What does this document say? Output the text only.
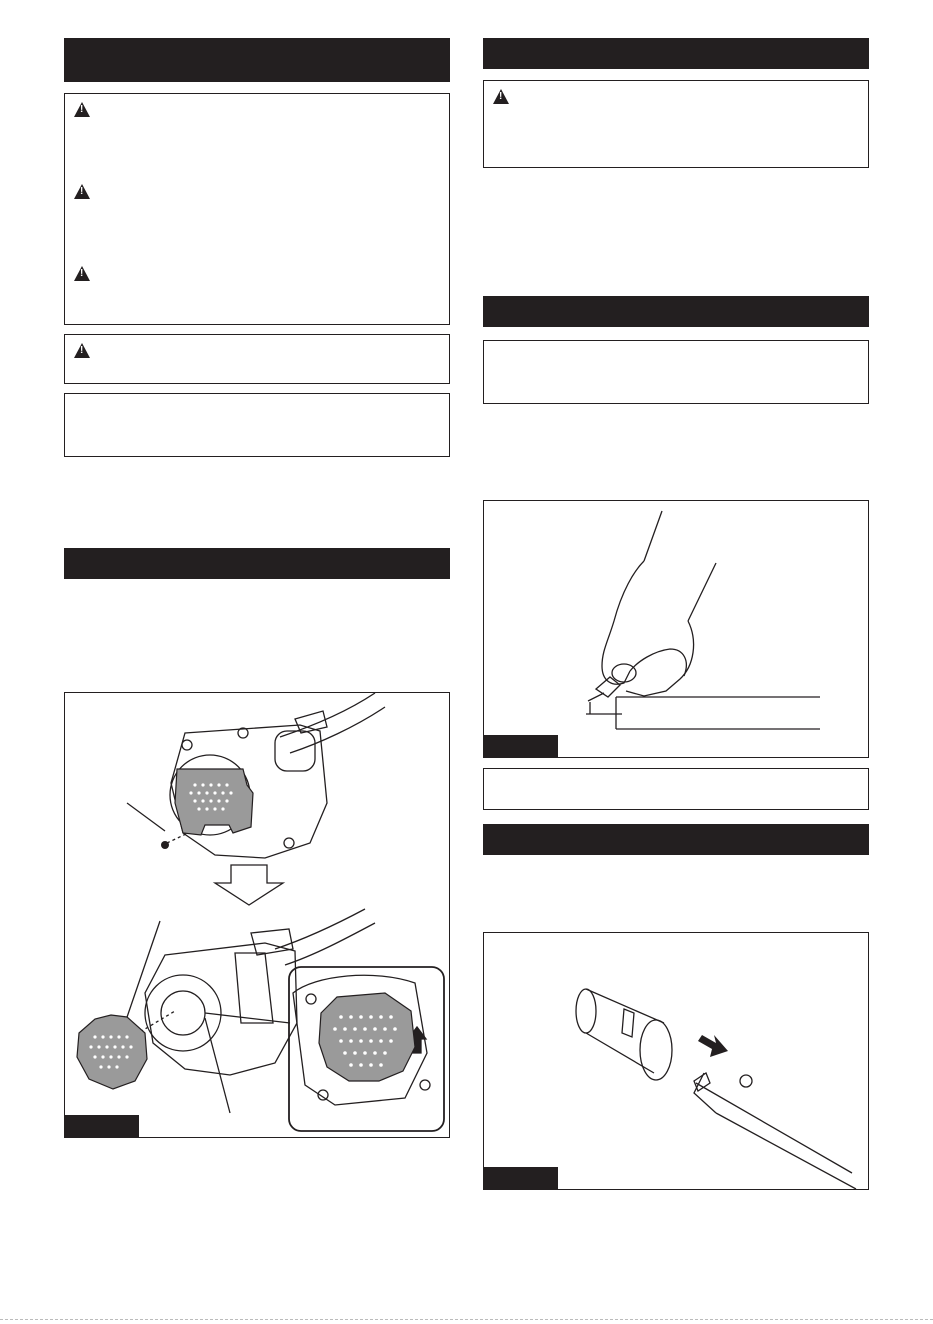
!
!
!
!
!
